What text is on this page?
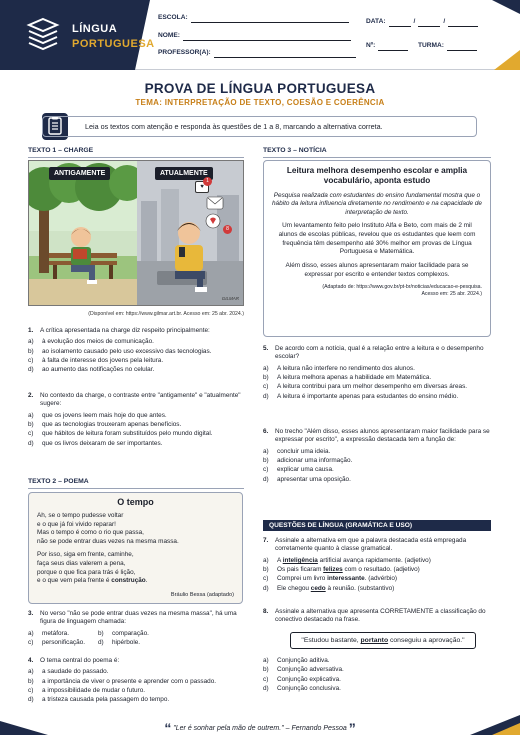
LÍNGUA
PORTUGUESA
ESCOLA:
NOME:
PROFESSOR(A):
DATA:	/	/
Nº:	TURMA:
PROVA DE LÍNGUA PORTUGUESA
TEMA: INTERPRETAÇÃO DE TEXTO, COESÃO E COERÊNCIA
Leia os textos com atenção e responda às questões de 1 a 8, marcando a alternativa correta.
TEXTO 1 – CHARGE
ANTIGAMENTE	ATUALMENTE
♥
1
8
GILMAR
(Disponível em: https://www.gilmar.art.br. Acesso em: 25 abr. 2024.)
1.	A crítica apresentada na charge diz respeito principalmente:
a)	à evolução dos meios de comunicação.
b)	ao isolamento causado pelo uso excessivo das tecnologias.
c)	à falta de interesse dos jovens pela leitura.
d)	ao aumento das notificações no celular.
2.	No contexto da charge, o contraste entre "antigamente" e "atualmente" sugere:
a)	que os jovens leem mais hoje do que antes.
b)	que as tecnologias trouxeram apenas benefícios.
c)	que hábitos de leitura foram substituídos pelo mundo digital.
d)	que os livros deixaram de ser importantes.
TEXTO 2 – POEMA
O tempo
Ah, se o tempo pudesse voltar
e o que já foi vivido reparar!
Mas o tempo é como o rio que passa,
não se pode entrar duas vezes na mesma massa.
Por isso, siga em frente, caminhe,
faça seus dias valerem a pena,
porque o que fica para trás é lição,
e o que vem pela frente é construção.
Bráulio Bessa (adaptado)
3.	No verso "não se pode entrar duas vezes na mesma massa", há uma figura de linguagem chamada:
a)	metáfora.	b)	comparação.
c)	personificação. d)	hipérbole.
4.	O tema central do poema é:
a)	a saudade do passado.
b)	a importância de viver o presente e aprender com o passado.
c)	a impossibilidade de mudar o futuro.
d)	a tristeza causada pela passagem do tempo.
TEXTO 3 – NOTÍCIA
Leitura melhora desempenho escolar e amplia vocabulário, aponta estudo
Pesquisa realizada com estudantes do ensino fundamental mostra que o hábito da leitura influencia diretamente no rendimento e na capacidade de interpretação de texto.
Um levantamento feito pelo Instituto Alfa e Beto, com mais de 2 mil alunos de escolas públicas, revelou que os estudantes que leem com frequência têm desempenho até 30% melhor em provas de Língua Portuguesa e Matemática.
Além disso, esses alunos apresentaram maior facilidade para se expressar por escrito e entender textos complexos.
(Adaptado de: https://www.gov.br/pt-br/noticias/educacao-e-pesquisa.
Acesso em: 25 abr. 2024.)
5.	De acordo com a notícia, qual é a relação entre a leitura e o desempenho escolar?
a)	A leitura não interfere no rendimento dos alunos.
b)	A leitura melhora apenas a habilidade em Matemática.
c)	A leitura contribui para um melhor desempenho em diversas áreas.
d)	A leitura é importante apenas para estudantes do ensino médio.
6.	No trecho "Além disso, esses alunos apresentaram maior facilidade para se expressar por escrito", a expressão destacada tem a função de:
a)	concluir uma ideia.
b)	adicionar uma informação.
c)	explicar uma causa.
d)	apresentar uma oposição.
QUESTÕES DE LÍNGUA (GRAMÁTICA E USO)
7.	Assinale a alternativa em que a palavra destacada está empregada corretamente quanto à classe gramatical.
a)	A inteligência artificial avança rapidamente. (adjetivo)
b)	Os pais ficaram felizes com o resultado. (adjetivo)
c)	Comprei um livro interessante. (advérbio)
d)	Ele chegou cedo à reunião. (substantivo)
8.	Assinale a alternativa que apresenta CORRETAMENTE a classificação do conectivo destacado na frase.
"Estudou bastante, portanto conseguiu a aprovação."
a)	Conjunção aditiva.
b)	Conjunção adversativa.
c)	Conjunção explicativa.
d)	Conjunção conclusiva.
“ "Ler é sonhar pela mão de outrem." – Fernando Pessoa ”
